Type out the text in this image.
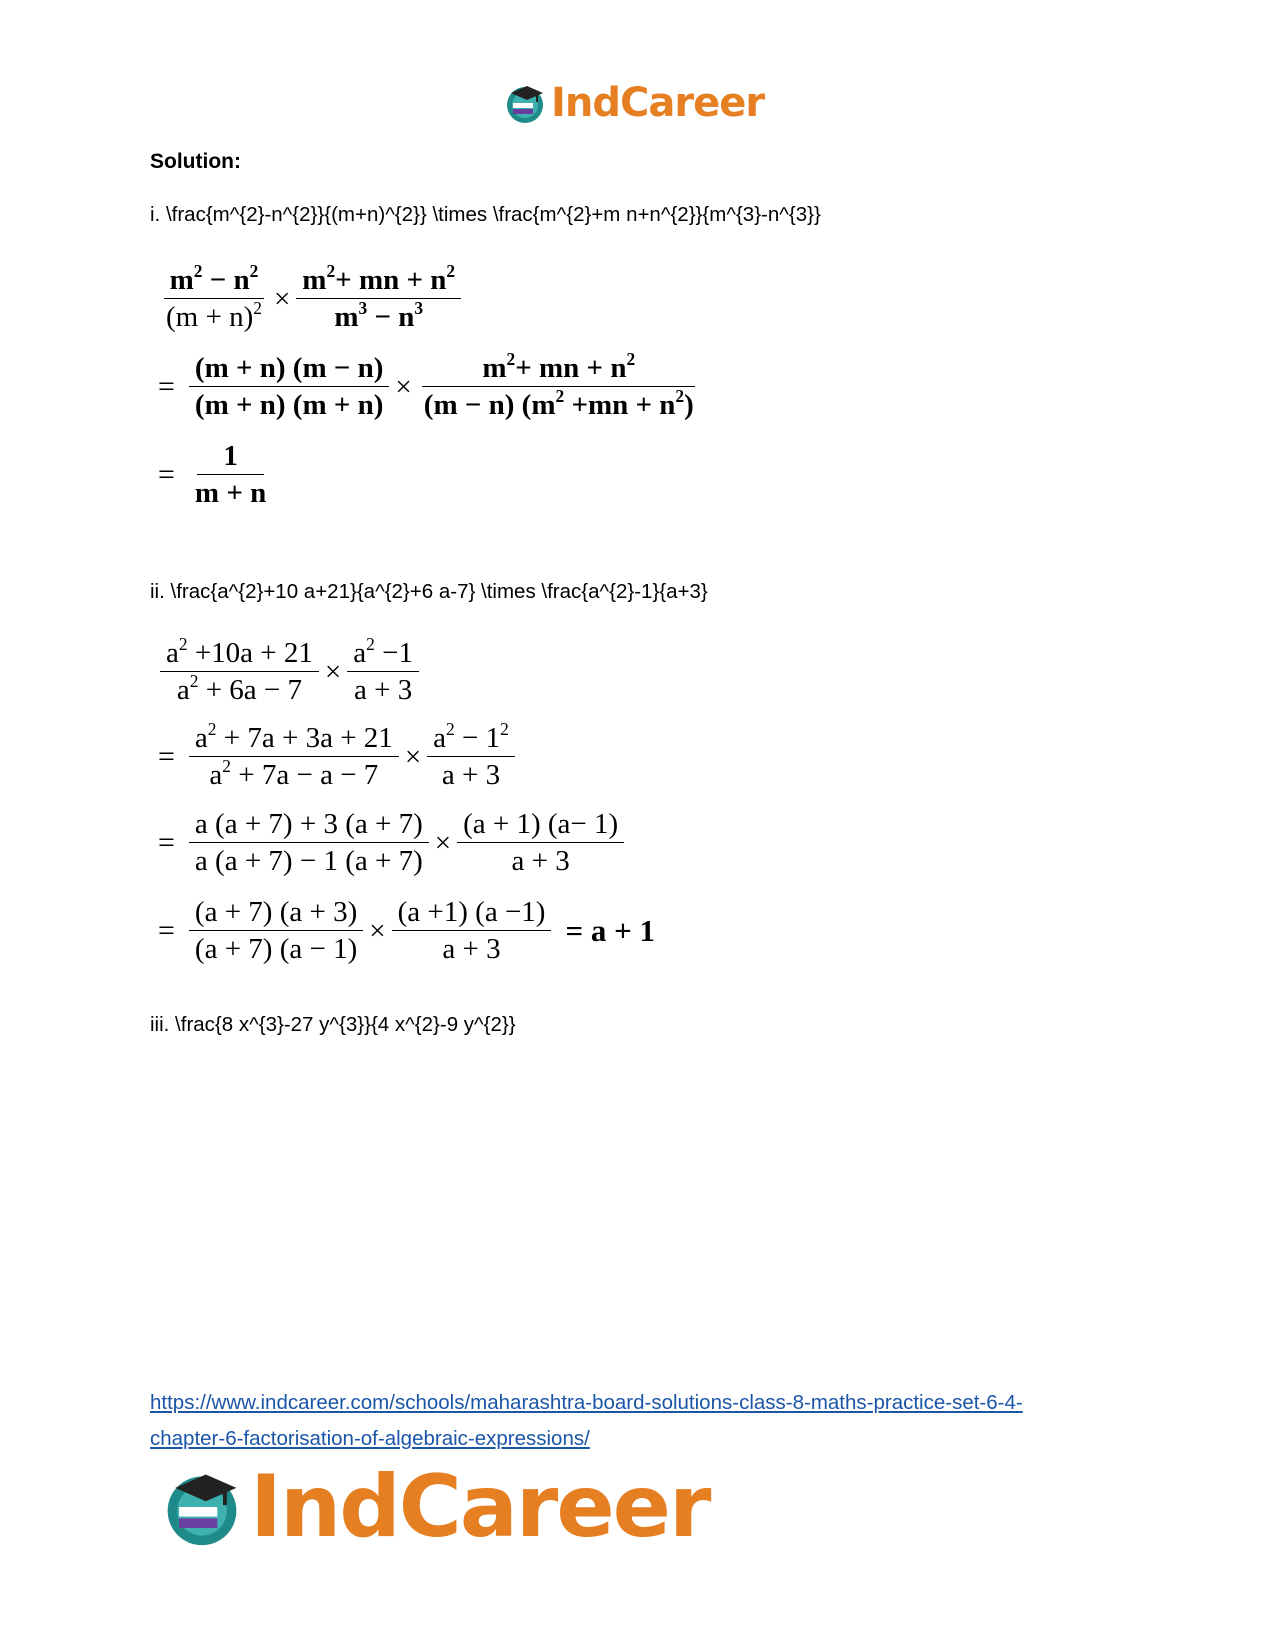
IndCareer
Solution:
i. \frac{m^{2}-n^{2}}{(m+n)^{2}} \times \frac{m^{2}+m n+n^{2}}{m^{3}-n^{3}}
$\frac{m^2 - n^2}{(m + n)^2} \times \frac{m^2+ mn + n^2}{m^3 - n^3}$
= $\frac{(m + n) (m - n)}{(m + n) (m + n)} \times \frac{m^2+ mn + n^2}{(m - n) (m^2 +mn + n^2)}$
= $\frac{1}{m + n}$
ii. \frac{a^{2}+10 a+21}{a^{2}+6 a-7} \times \frac{a^{2}-1}{a+3}
$\frac{a^2 +10a + 21}{a^2 + 6a - 7} \times \frac{a^2 -1}{a + 3}$
= $\frac{a^2 + 7a + 3a + 21}{a^2 + 7a - a - 7} \times \frac{a^2 - 1^2}{a + 3}$
= $\frac{a (a + 7) + 3 (a + 7)}{a (a + 7) - 1 (a + 7)} \times \frac{(a + 1) (a- 1)}{a + 3}$
= $\frac{(a + 7) (a + 3)}{(a + 7) (a - 1)} \times \frac{(a +1) (a -1)}{a + 3} = a + 1$
iii. \frac{8 x^{3}-27 y^{3}}{4 x^{2}-9 y^{2}}
https://www.indcareer.com/schools/maharashtra-board-solutions-class-8-maths-practice-set-6-4-
chapter-6-factorisation-of-algebraic-expressions/
IndCareer
